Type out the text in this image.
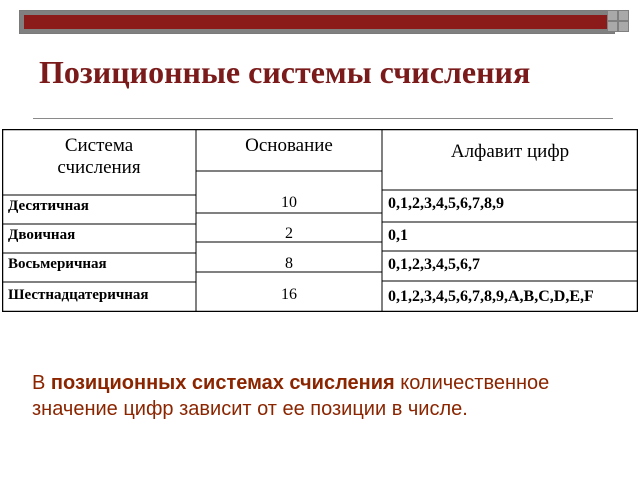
Позиционные системы счисления
Система
счисления
Основание	Алфавит цифр
Десятичная
Двоичная
Восьмеричная
Шестнадцатеричная
10
2
8
16
0,1,2,3,4,5,6,7,8,9
0,1
0,1,2,3,4,5,6,7
0,1,2,3,4,5,6,7,8,9,A,B,C,D,E,F
В позиционных системах счисления количественное значение цифр зависит от ее позиции в числе.
